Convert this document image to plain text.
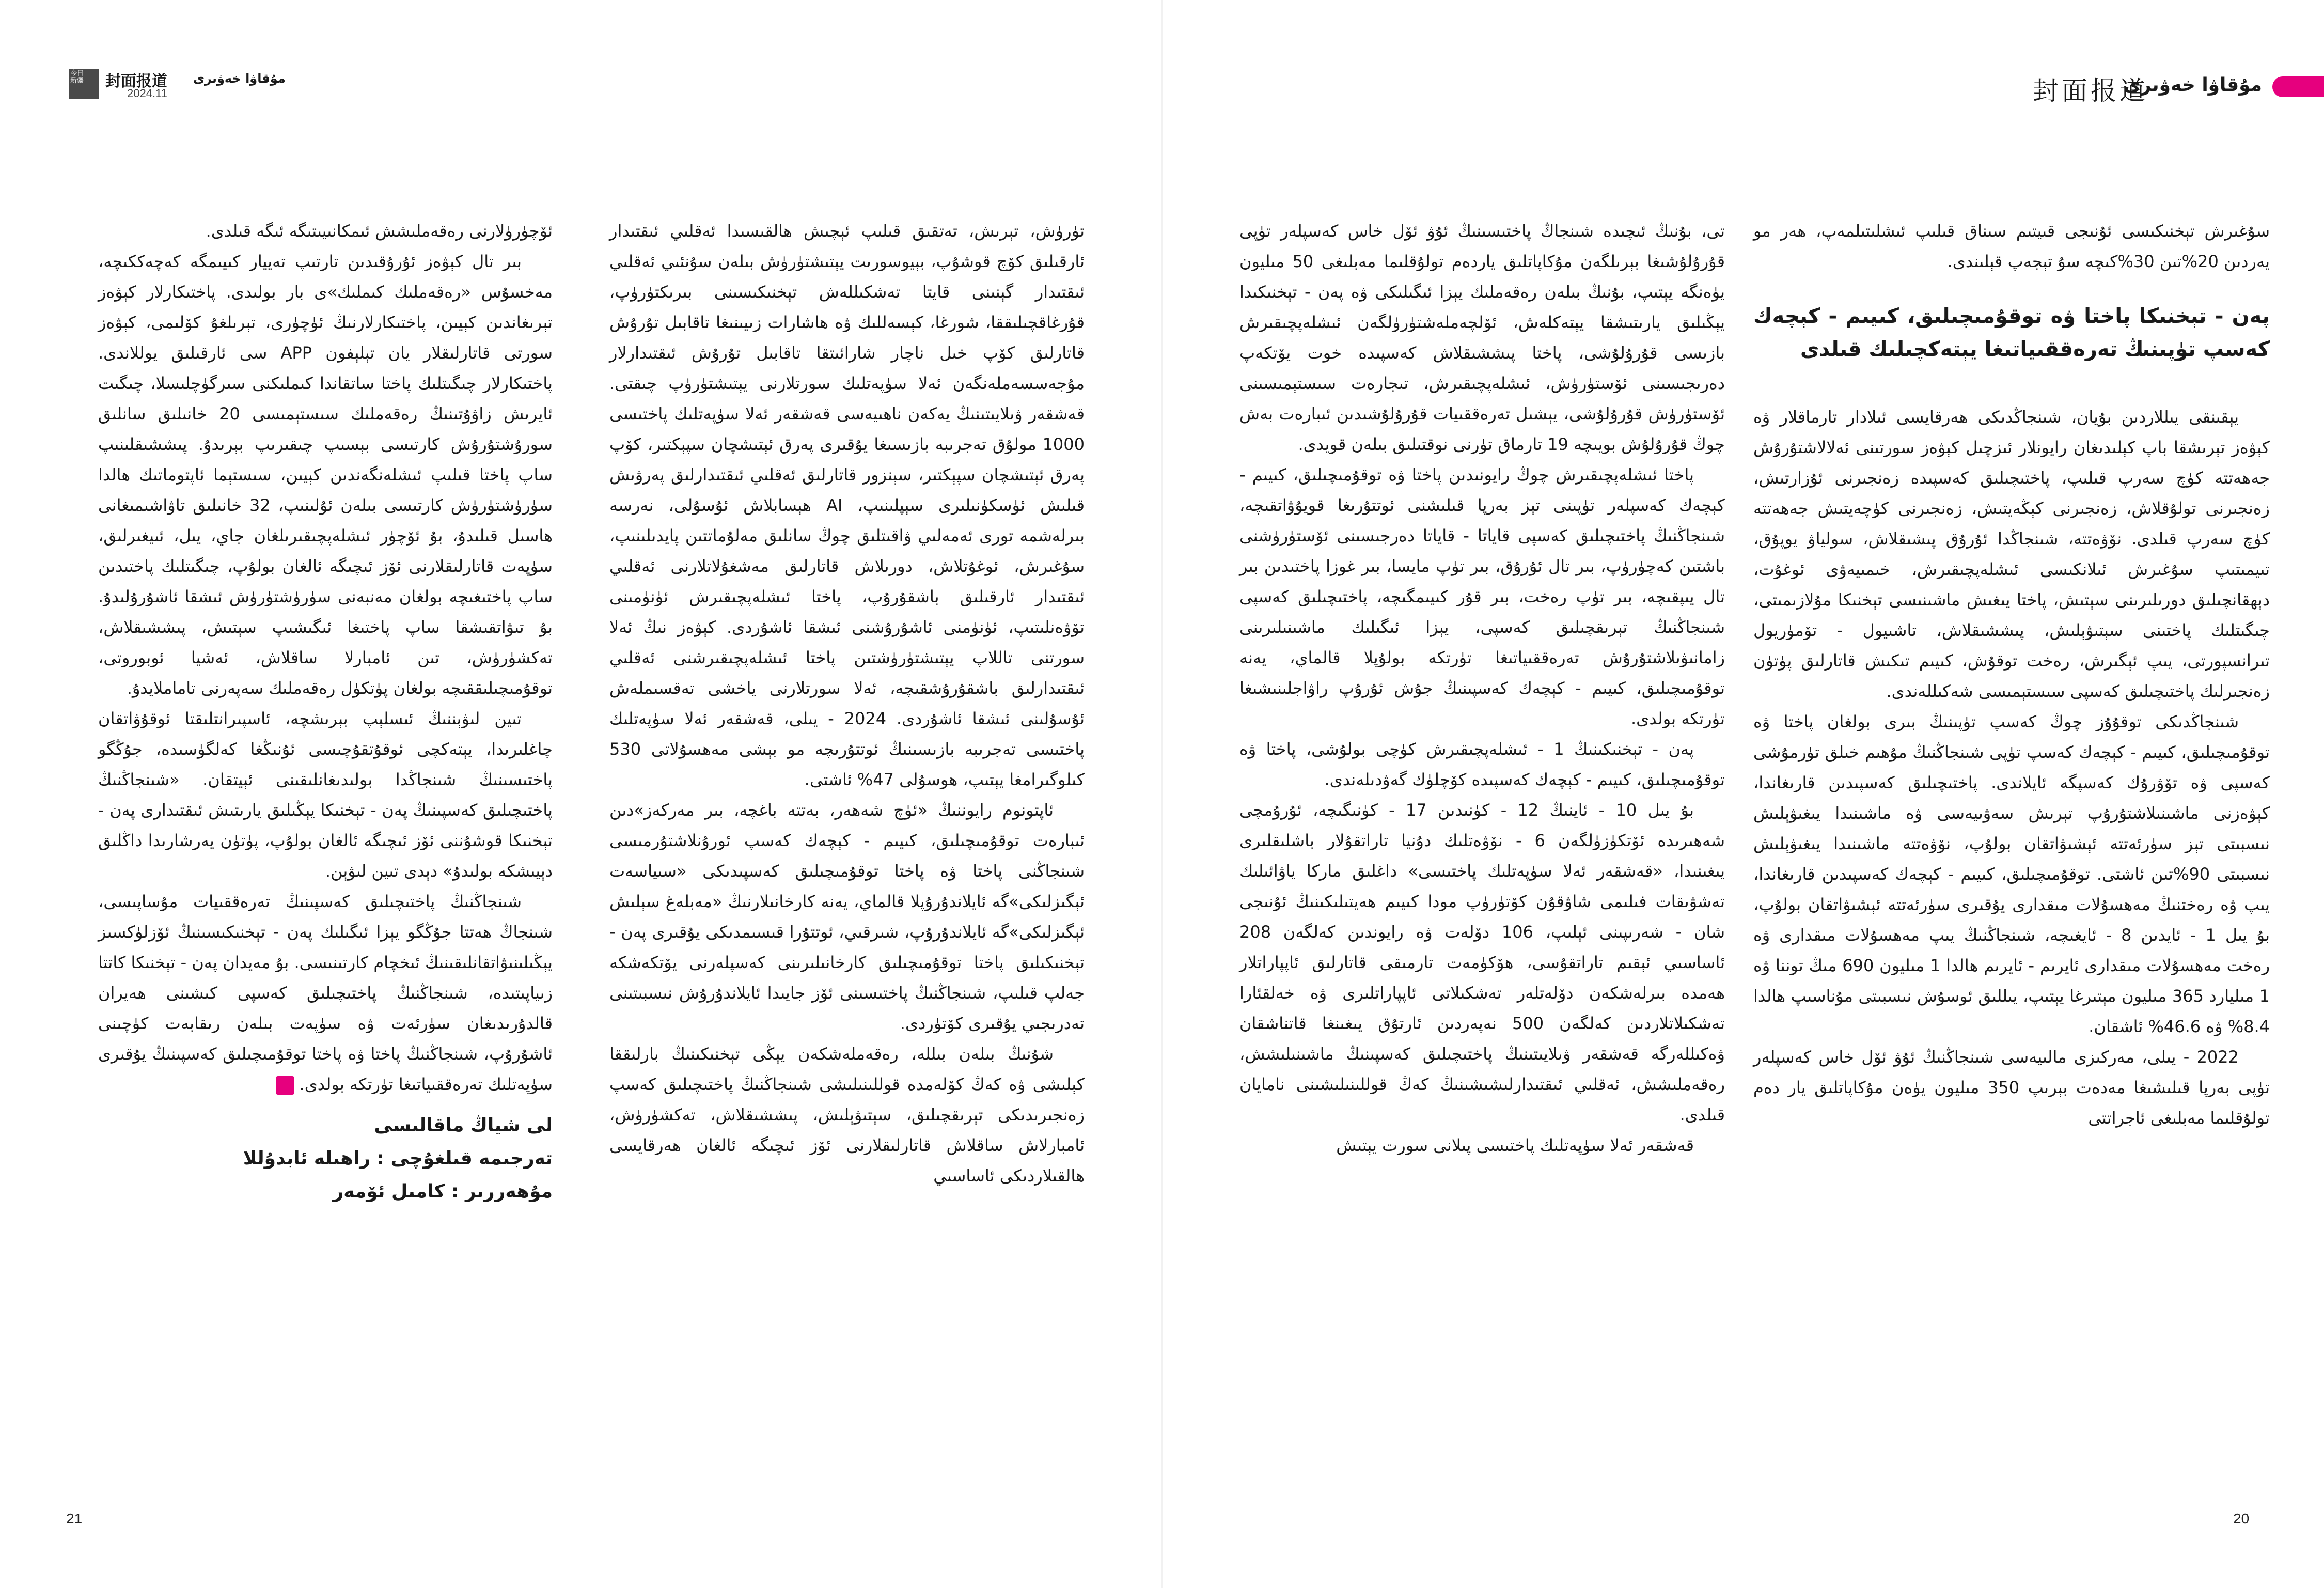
今日
新疆	封面报道 مۇقاۋا خەۋىرى
2024.11

تۈرۈش، تېرىش، تەتقىق قىلىپ ئېچىش ھالقىسىدا ئەقلىي ئىقتىدار ئارقىلىق كۆچ قوشۇپ، بېيوسورىت يېتىشتۈرۈش بىلەن سۇنئىي ئەقلىي ئىقتىدار گېنىنى قايتا تەشكىللەش تېخنىكىسىنى بىرىكتۈرۈپ، قۇرغاقچىلىققا، شورغا، كېسەللىك ۋە ھاشارات زىيىنىغا تاقابىل تۇرۇش قاتارلىق كۆپ خىل ناچار شارائىتقا تاقابىل تۇرۇش ئىقتىدارلار مۇجەسسەملەنگەن ئەلا سۈپەتلىك سورتلارنى يېتىشتۈرۈپ چىقتى. قەشقەر ۋىلايىتىنىڭ يەكەن ناھىيەسى قەشقەر ئەلا سۈپەتلىك پاختىسى 1000 مولۇق تەجرىبە بازىسىغا يۇقىرى پەرق ئېتىشچان سپېكتىر، كۆپ پەرق ئېتىشچان سپېكتىر، سېنزور قاتارلىق ئەقلىي ئىقتىدارلىق پەرۋىش قىلىش ئۈسكۈنىلىرى سېپلىنىپ، AI ھېسابلاش ئۇسۇلى، نەرسە بىرلەشمە تورى ئەمەلىي ۋاقىتلىق چوڭ سانلىق مەلۇماتتىن پايدىلىنىپ، سۇغىرش، ئوغۇتلاش، دورىلاش قاتارلىق مەشغۇلاتلارنى ئەقلىي ئىقتىدار ئارقىلىق باشقۇرۇپ، پاختا ئىشلەپچىقىرش ئۈنۈمىنى تۆۋەنلىتىپ، ئۈنۈمنى ئاشۇرۇشنى ئىشقا ئاشۇردى. كېۋەز نىڭ ئەلا سورتنى تاللاپ يېتىشتۈرۈشتىن پاختا ئىشلەپچىقىرشنى ئەقلىي ئىقتىدارلىق باشقۇرۇشقىچە، ئەلا سورتلارنى ياخشى تەقسىملەش ئۇسۇلىنى ئىشقا ئاشۇردى. 2024 - يىلى، قەشقەر ئەلا سۈپەتلىك پاختىسى تەجرىبە بازىسىنىڭ ئوتتۇرىچە مو بېشى مەھسۇلاتى 530 كىلوگىرامغا يېتىپ، ھوسۇلى 47% ئاشتى.

ئاپتونوم رايوننىڭ «ئۈچ شەھەر، بەتتە باغچە، بىر مەركەز»دىن ئىبارەت توقۇمىچىلىق، كىيىم - كېچەك كەسپ ئورۇنلاشتۇرمىسى شىنجاڭنى پاختا ۋە پاختا توقۇمىچىلىق كەسپىدىكى «سىياسەت ئېگىزلىكى»گە ئايلاندۇرۇپلا قالماي، يەنە كارخانىلارنىڭ «مەبلەغ سېلىش ئېگىزلىكى»گە ئايلاندۇرۇپ، شىرقىي، ئوتتۇرا قىسىمدىكى يۇقىرى پەن - تېخنىكىلىق پاختا توقۇمىچىلىق كارخانىلىرىنى كەسپلەرنى يۆتكەشكە جەلپ قىلىپ، شىنجاڭنىڭ پاختىسىنى ئۆز جايىدا ئايلاندۇرۇش نىسبىتىنى تەدرىجىي يۇقىرى كۆتۈردى.

شۇنىڭ بىلەن بىللە، رەقەملەشكەن يېڭى تېخنىكىنىڭ بارلىققا كېلىشى ۋە كەڭ كۆلەمدە قوللىنىلىشى شىنجاڭنىڭ پاختىچىلىق كەسپ زەنجىرىدىكى تېرىقچىلىق، سېتىۋېلىش، پىششىقلاش، تەكشۈرۈش، ئامبارلاش ساقلاش قاتارلىقلارنى ئۆز ئىچىگە ئالغان ھەرقايسى ھالقىلاردىكى ئاساسىي

ئۆچۈرۈلارنى رەقەملىشش ئىمكانىيىتىگە ئىگە قىلدى.

بىر تال كېۋەز ئۇرۇقىدىن تارتىپ تەييار كىيىمگە كەچەككىچە، مەخسۇس «رەقەملىك كىملىك»ى بار بولىدى. پاختىكارلار كېۋەز تېرىغاندىن كېيىن، پاختىكارلارنىڭ ئۈچۈرى، تېرىلغۇ كۆلىمى، كېۋەز سورتى قاتارلىقلار يان تېلېفون APP سى ئارقىلىق يوللاندى. پاختىكارلار چىگىتلىك پاختا ساتقاندا كىملىكنى سىرگۈچلىسلا، چىگىت ئايرىش زاۋۇتىنىڭ رەقەملىك سىستېمىسى 20 خانىلىق سانلىق سورۇشتۇرۇش كارتىسى بېسىپ چىقىرىپ بېرىدۇ. پىششىقلىنىپ ساپ پاختا قىلىپ ئىشلەنگەندىن كېيىن، سىستېما ئاپتوماتىك ھالدا سۈرۈشتۈرۈش كارتىسى بىلەن ئۇلىنىپ، 32 خانىلىق تاۋاشىمىغانى ھاسىل قىلىدۇ، بۇ ئۆچۈر ئىشلەپچىقىرىلغان جاي، يىل، ئىيغىرلىق، سۈپەت قاتارلىقلارنى ئۆز ئىچىگە ئالغان بولۇپ، چىگىتلىك پاختىدىن ساپ پاختىغىچە بولغان مەنبەنى سۈرۈشتۈرۈش ئىشقا ئاشۇرۇلىدۇ. بۇ تىۋاتقىشقا ساپ پاختىغا ئىگىشىپ سېتىش، پىششىقلاش، تەكشۈرۈش، تىن ئامبارلا ساقلاش، ئەشيا ئوبوروتى، توقۇمىچىلىققىچە بولغان پۈتكۈل رەقەملىك سەپەرنى تاماملايدۇ.

تىين لىۋېننىڭ ئىسلېپ بېرىشچە، ئاسپىرانتلىقتا ئوقۇۋاتقان چاغلىرىدا، يېتەكچى ئوقۇتقۇچىسى ئۇنىڭغا كەلگۈسىدە، جۇڭگو پاختىسىنىڭ شىنجاڭدا بولىدىغانلىقىنى ئېيتقان. «شىنجاڭنىڭ پاختىچىلىق كەسپىنىڭ پەن - تېخنىكا يېڭىلىق يارىتىش ئىقتىدارى پەن - تېخنىكا قوشۇننى ئۆز ئىچىگە ئالغان بولۇپ، پۈتۈن يەرشارىدا داڭلىق دېيىشكە بولىدۇ» دېدى تىين لىۋېن.

شىنجاڭنىڭ پاختىچىلىق كەسپىنىڭ تەرەققىيات مۇساپىسى، شىنجاڭ ھەتتا جۇڭگو يېزا ئىگىلىك پەن - تېخنىكىسىنىڭ ئۆزلۈكسىز يېڭىلىنىۋاتقانلىقىنىڭ ئىخچام كارتىنىسى. بۇ مەيدان پەن - تېخنىكا كاتتا زىياپىتىدە، شىنجاڭنىڭ پاختىچىلىق كەسپى كىشىنى ھەيران قالدۇرىدىغان سۈرئەت ۋە سۈپەت بىلەن رىقابەت كۈچىنى ئاشۇرۇپ، شىنجاڭنىڭ پاختا ۋە پاختا توقۇمىچىلىق كەسپىنىڭ يۇقىرى سۈپەتلىك تەرەققىياتىغا تۈرتكە بولدى.

لى شياڭ ماقالىسى
تەرجىمە قىلغۇچى : راھىلە ئابدۇللا
مۇھەررىر : كامىل ئۆمەر
21
封面报道
مۇقاۋا خەۋىرى

سۇغىرش تېخنىكىسى ئۇنىجى قىيتىم سىناق قىلىپ ئىشلىتىلمەپ، ھەر مو يەردىن 20%تىن 30%كىچە سۇ تېجەپ قېلىندى.

پەن - تېخنىكا پاختا ۋە توقۇمىچىلىق، كىيىم - كېچەك كەسپ تۈپىنىڭ تەرەققىياتىغا يېتەكچىلىك قىلدى

يېقىنقى يىللاردىن بۇيان، شىنجاڭدىكى ھەرقايسى ئىلادار تارماقلار ۋە كېۋەز تېرىشقا باپ كېلىدىغان رايونلار ئىزچىل كېۋەز سورتىنى ئەلالاشتۇرۇش جەھەتتە كۈچ سەرپ قىلىپ، پاختىچىلىق كەسپىدە زەنجىرنى ئۇزارتىش، زەنجىرنى تولۇقلاش، زەنجىرنى كېڭەيتىش، زەنجىرنى كۈچەيتىش جەھەتتە كۈچ سەرپ قىلدى. نۆۋەتتە، شىنجاڭدا ئۇرۇق پىشىقلاش، سولياۋ يوپۇق، تىيمىتىپ سۇغىرش ئىلانكىسى ئىشلەپچىقىرش، خىمىيەۋى ئوغۇت، دېھقانچىلىق دورىلىرىنى سېتىش، پاختا يىغىش ماشىنىسى تېخنىكا مۇلازىمىتى، چىگىتلىك پاختىنى سېتىۋېلىش، پىششىقلاش، تاشىيول - تۆمۈريول تىرانسپورتى، يىپ ئېگىرش، رەخت توقۇش، كىيىم تىكىش قاتارلىق پۈتۈن زەنجىرلىك پاختىچىلىق كەسپى سىستېمىسى شەكىللەندى.

شىنجاڭدىكى توقۇۇز چوڭ كەسپ تۈپىنىڭ بىرى بولغان پاختا ۋە توقۇمىچىلىق، كىيىم - كېچەك كەسپ تۈپى شىنجاڭنىڭ مۇھىم خىلق تۈرمۇشى كەسپى ۋە تۆۋرۇك كەسپگە ئايلاندى. پاختىچىلىق كەسپىدىن قارىغاندا، كېۋەزنى ماشىنىلاشتۇرۇپ تېرىش سەۋىيەسى ۋە ماشىنىدا يىغىۋېلىش نىسبىتى تېز سۈرئەتتە ئېشىۋاتقان بولۇپ، نۆۋەتتە ماشىنىدا يىغىۋېلىش نىسبىتى 90%تىن ئاشتى. توقۇمىچىلىق، كىيىم - كېچەك كەسپىدىن قارىغاندا، يىپ ۋە رەختنىڭ مەھسۇلات مىقدارى يۇقىرى سۈرئەتتە ئېشىۋاتقان بولۇپ، بۇ يىل 1 - ئايدىن 8 - ئايغىچە، شىنجاڭنىڭ يىپ مەھسۇلات مىقدارى ۋە رەخت مەھسۇلات مىقدارى ئايرىم - ئايرىم ھالدا 1 مىليون 690 مىڭ توننا ۋە 1 مىليارد 365 مىليون مېتىرغا يېتىپ، يىللىق ئوسۇش نىسبىتى مۇناسىپ ھالدا 8.4% ۋە 46.6% ئاشقان.

2022 - يىلى، مەركىزى مالىيەسى شىنجاڭنىڭ ئۇۋ ئۆل خاس كەسپلەر تۈپى بەرپا قىلىشىغا مەدەت بېرىپ 350 مىليون يۈەن مۇكاپاتلىق يار دەم تولۇقلىما مەبلىغى ئاجراتتى

تى، بۇنىڭ ئىچىدە شىنجاڭ پاختىسىنىڭ ئۇۋ ئۆل خاس كەسپلەر تۈپى قۇرۇلۇشىغا بېرىلگەن مۇكاپاتلىق ياردەم تولۇقلىما مەبلىغى 50 مىليون يۈەنگە يېتىپ، بۇنىڭ بىلەن رەقەملىك يېزا ئىگىلىكى ۋە پەن - تېخنىكىدا يېڭىلىق يارىتىشقا يېتەكلەش، ئۆلچەملەشتۈرۈلگەن ئىشلەپچىقىرش بازىسى قۇرۇلۇشى، پاختا پىششىقلاش كەسپىدە خوت يۆتكەپ دەرىجىسىنى ئۆستۈرۈش، ئىشلەپچىقىرش، تىجارەت سىستېمىسىنى ئۆستۈرۈش قۇرۇلۇشى، يېشىل تەرەققىيات قۇرۇلۇشىدىن ئىبارەت بەش چوڭ قۇرۇلۇش بويىچە 19 تارماق تۈرنى نوقتىلىق بىلەن قويدى.

پاختا ئىشلەپچىقىرش چوڭ رايونىدىن پاختا ۋە توقۇمىچىلىق، كىيىم - كېچەك كەسپلەر تۈپىنى تېز بەرپا قىلىشنى ئوتتۇرىغا قويۇۋاتقىچە، شىنجاڭنىڭ پاختىچىلىق كەسپى قاياتا - قاياتا دەرجىسىنى ئۆستۈرۈشنى باشتىن كەچۈرۈپ، بىر تال ئۇرۇق، بىر تۈپ مايسا، بىر غوزا پاختىدىن بىر تال يىپقىچە، بىر تۈپ رەخت، بىر قۇر كىيىمگىچە، پاختىچىلىق كەسپى شىنجاڭنىڭ تېرىقچىلىق كەسپى، يېزا ئىگىلىك ماشىنىلىرىنى زامانىۋىلاشتۇرۇش تەرەققىياتىغا تۈرتكە بولۇپلا قالماي، يەنە توقۇمىچىلىق، كىيىم - كېچەك كەسپىنىڭ جۇش ئۇرۇپ راۋاجلىنىشىغا تۈرتكە بولدى.

پەن - تېخنىكىنىڭ 1 - ئىشلەپچىقىرش كۈچى بولۇشى، پاختا ۋە توقۇمىچىلىق، كىيىم - كېچەك كەسپىدە كۆچلۈك گەۋدىلەندى.

بۇ يىل 10 - ئاينىڭ 12 - كۈنىدىن 17 - كۈنىگىچە، ئۇرۇمچى شەھىرىدە ئۆتكۈزۈلگەن 6 - نۆۋەتلىك دۇنيا تاراتقۇلار باشلىقلىرى يىغىنىدا، «قەشقەر ئەلا سۈپەتلىك پاختىسى» داغلىق ماركا ياۋائىلىك تەشۋىقات فىلىمى شاۋقۇن كۆتۈرۈپ مودا كىيىم ھەيتىلىكىنىڭ ئۇنىجى شان - شەرىپىنى ئېلىپ، 106 دۆلەت ۋە رايوندىن كەلگەن 208 ئاساسىي ئېقىم تاراتقۇسى، ھۆكۈمەت تارمىقى قاتارلىق ئاپپاراتلار ھەمدە بىرلەشكەن دۆلەتلەر تەشكىلاتى ئاپپاراتلىرى ۋە خەلقئارا تەشكىلاتلاردىن كەلگەن 500 نەپەردىن ئارتۇق يىغىنغا قاتناشقان ۋەكىللەرگە قەشقەر ۋىلايىتىنىڭ پاختىچىلىق كەسپىنىڭ ماشىنىلىشش، رەقەملىشش، ئەقلىي ئىقتىدارلىشىشىنىڭ كەڭ قوللىنىلىشىنى نامايان قىلدى.

قەشقەر ئەلا سۈپەتلىك پاختىسى پىلانى سورت يېتىش

20
